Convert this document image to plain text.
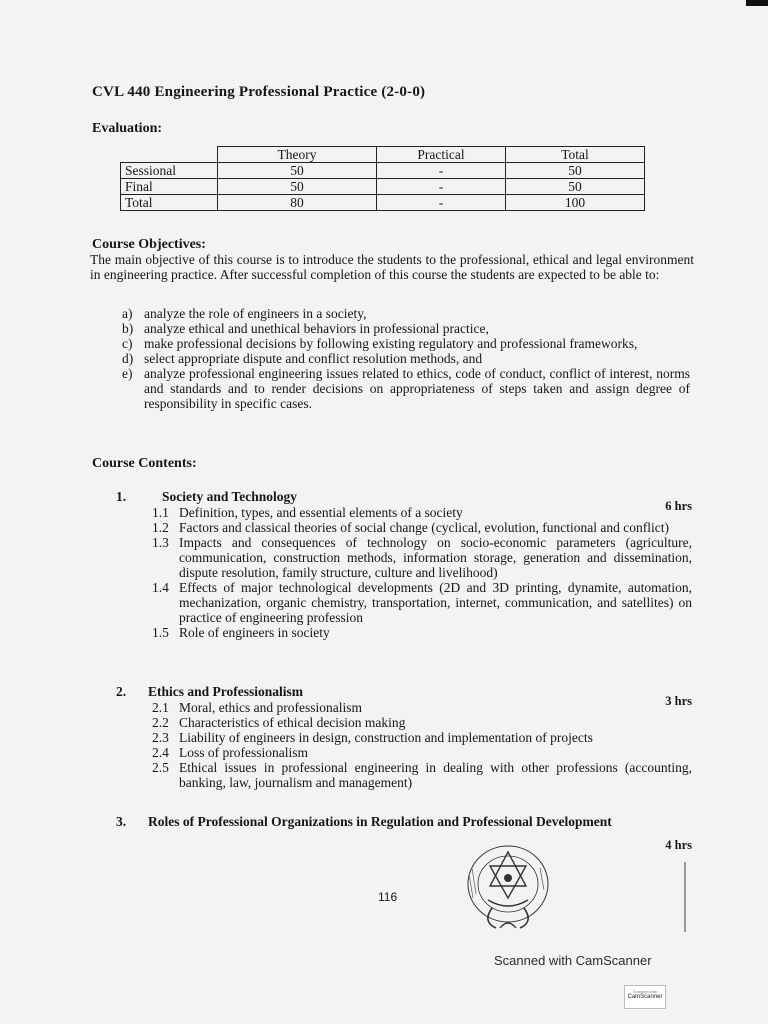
CVL 440 Engineering Professional Practice (2-0-0)
Evaluation:
	Theory	Practical	Total
Sessional	50	-	50
Final	50	-	50
Total	80	-	100
Course Objectives:
The main objective of this course is to introduce the students to the professional, ethical and legal environment in engineering practice. After successful completion of this course the students are expected to be able to:
a) analyze the role of engineers in a society,
b) analyze ethical and unethical behaviors in professional practice,
c) make professional decisions by following existing regulatory and professional frameworks,
d) select appropriate dispute and conflict resolution methods, and
e) analyze professional engineering issues related to ethics, code of conduct, conflict of interest, norms and standards and to render decisions on appropriateness of steps taken and assign degree of responsibility in specific cases.
Course Contents:
1.	Society and Technology
6 hrs
1.1 Definition, types, and essential elements of a society
1.2 Factors and classical theories of social change (cyclical, evolution, functional and conflict)
1.3 Impacts and consequences of technology on socio-economic parameters (agriculture, communication, construction methods, information storage, generation and dissemination, dispute resolution, family structure, culture and livelihood)
1.4 Effects of major technological developments (2D and 3D printing, dynamite, automation, mechanization, organic chemistry, transportation, internet, communication, and satellites) on practice of engineering profession
1.5 Role of engineers in society
2. Ethics and Professionalism
3 hrs
2.1 Moral, ethics and professionalism
2.2 Characteristics of ethical decision making
2.3 Liability of engineers in design, construction and implementation of projects
2.4 Loss of professionalism
2.5 Ethical issues in professional engineering in dealing with other professions (accounting, banking, law, journalism and management)
3. Roles of Professional Organizations in Regulation and Professional Development
4 hrs
116
Scanned with CamScanner
Scanned with
CamScanner
